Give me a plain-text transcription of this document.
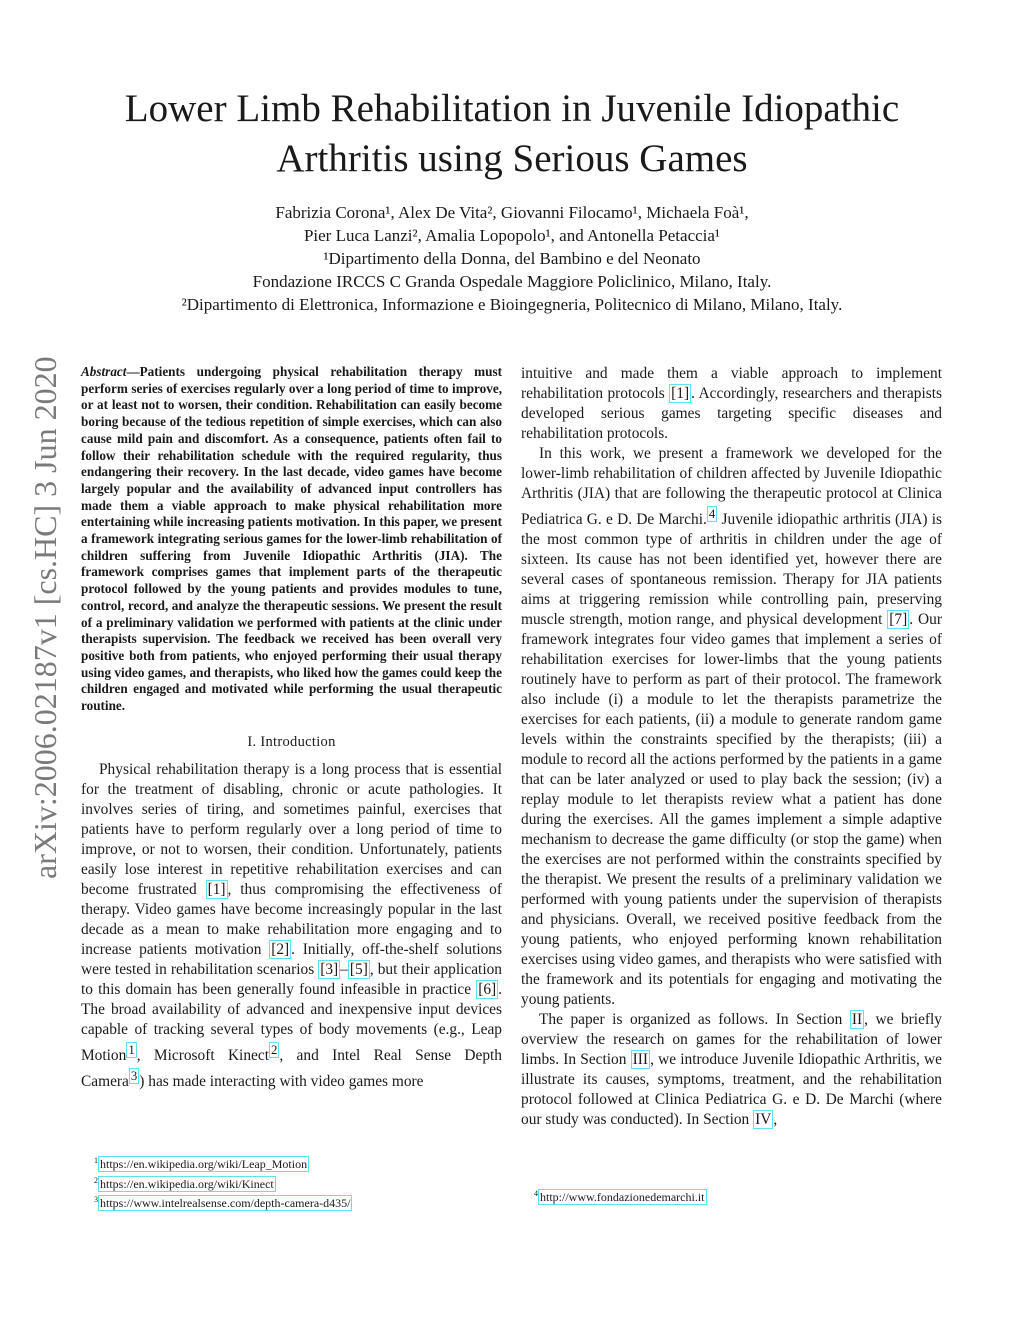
Lower Limb Rehabilitation in Juvenile Idiopathic
Arthritis using Serious Games
Fabrizia Corona¹, Alex De Vita², Giovanni Filocamo¹, Michaela Foà¹,
Pier Luca Lanzi², Amalia Lopopolo¹, and Antonella Petaccia¹
¹Dipartimento della Donna, del Bambino e del Neonato
Fondazione IRCCS C Granda Ospedale Maggiore Policlinico, Milano, Italy.
²Dipartimento di Elettronica, Informazione e Bioingegneria, Politecnico di Milano, Milano, Italy.
arXiv:2006.02187v1 [cs.HC] 3 Jun 2020	Abstract—Patients undergoing physical rehabilitation therapy must perform series of exercises regularly over a long period of time to improve, or at least not to worsen, their condition. Rehabilitation can easily become boring because of the tedious repetition of simple exercises, which can also cause mild pain and discomfort. As a consequence, patients often fail to follow their rehabilitation schedule with the required regularity, thus endangering their recovery. In the last decade, video games have become largely popular and the availability of advanced input controllers has made them a viable approach to make physical rehabilitation more entertaining while increasing patients motivation. In this paper, we present a framework integrating serious games for the lower-limb rehabilitation of children suffering from Juvenile Idiopathic Arthritis (JIA). The framework comprises games that implement parts of the therapeutic protocol followed by the young patients and provides modules to tune, control, record, and analyze the therapeutic sessions. We present the result of a preliminary validation we performed with patients at the clinic under therapists supervision. The feedback we received has been overall very positive both from patients, who enjoyed performing their usual therapy using video games, and therapists, who liked how the games could keep the children engaged and motivated while performing the usual therapeutic routine.
I. Introduction

Physical rehabilitation therapy is a long process that is essential for the treatment of disabling, chronic or acute pathologies. It involves series of tiring, and sometimes painful, exercises that patients have to perform regularly over a long period of time to improve, or not to worsen, their condition. Unfortunately, patients easily lose interest in repetitive rehabilitation exercises and can become frustrated [1] , thus compromising the effectiveness of therapy. Video games have become increasingly popular in the last decade as a mean to make rehabilitation more engaging and to increase patients motivation [2] . Initially, off-the-shelf solutions were tested in rehabilitation scenarios [3] – [5] , but their application to this domain has been generally found infeasible in practice [6] . The broad availability of advanced and inexpensive input devices capable of tracking several types of body movements (e.g., Leap Motion $^1$ , Microsoft Kinect $^2$ , and Intel Real Sense Depth Camera $^3$ ) has made interacting with video games more

$^1$ https://en.wikipedia.org/wiki/Leap_Motion
$^2$ https://en.wikipedia.org/wiki/Kinect
$^3$ https://www.intelrealsense.com/depth-camera-d435/

intuitive and made them a viable approach to implement rehabilitation protocols [1] . Accordingly, researchers and therapists developed serious games targeting specific diseases and rehabilitation protocols.

In this work, we present a framework we developed for the lower-limb rehabilitation of children affected by Juvenile Idiopathic Arthritis (JIA) that are following the therapeutic protocol at Clinica Pediatrica G. e D. De Marchi. $^4$ Juvenile idiopathic arthritis (JIA) is the most common type of arthritis in children under the age of sixteen. Its cause has not been identified yet, however there are several cases of spontaneous remission. Therapy for JIA patients aims at triggering remission while controlling pain, preserving muscle strength, motion range, and physical development [7] . Our framework integrates four video games that implement a series of rehabilitation exercises for lower-limbs that the young patients routinely have to perform as part of their protocol. The framework also include (i) a module to let the therapists parametrize the exercises for each patients, (ii) a module to generate random game levels within the constraints specified by the therapists; (iii) a module to record all the actions performed by the patients in a game that can be later analyzed or used to play back the session; (iv) a replay module to let therapists review what a patient has done during the exercises. All the games implement a simple adaptive mechanism to decrease the game difficulty (or stop the game) when the exercises are not performed within the constraints specified by the therapist. We present the results of a preliminary validation we performed with young patients under the supervision of therapists and physicians. Overall, we received positive feedback from the young patients, who enjoyed performing known rehabilitation exercises using video games, and therapists who were satisfied with the framework and its potentials for engaging and motivating the young patients.

The paper is organized as follows. In Section II , we briefly overview the research on games for the rehabilitation of lower limbs. In Section III , we introduce Juvenile Idiopathic Arthritis, we illustrate its causes, symptoms, treatment, and the rehabilitation protocol followed at Clinica Pediatrica G. e D. De Marchi (where our study was conducted). In Section IV ,

$^4$ http://www.fondazionedemarchi.it
